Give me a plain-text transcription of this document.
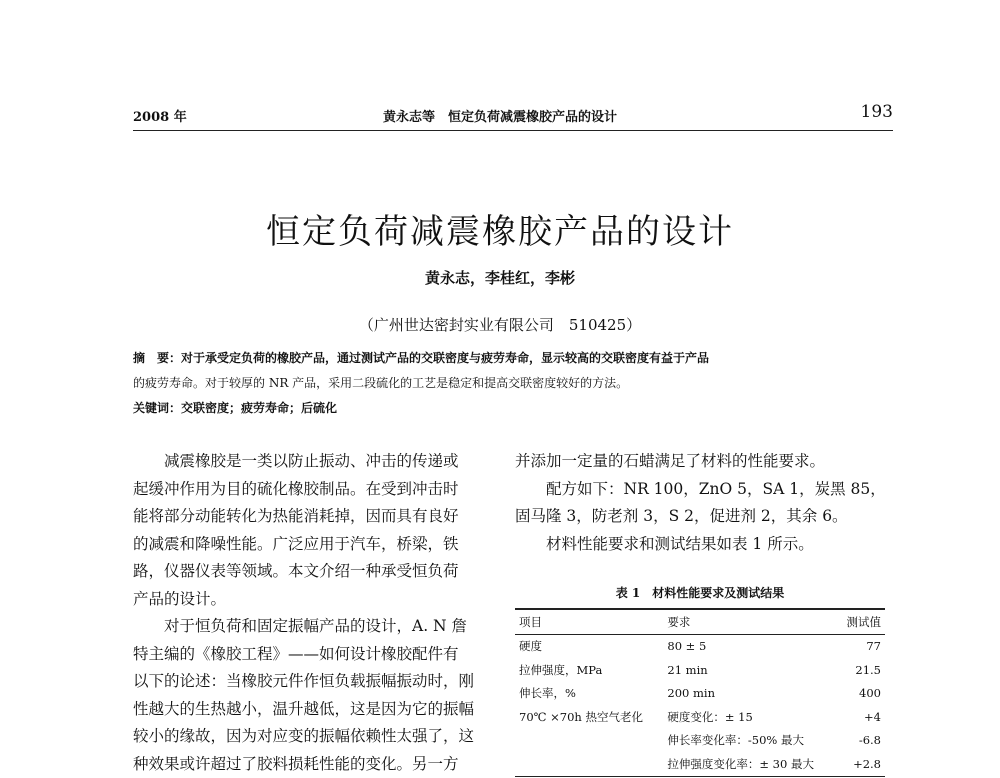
2008 年	黄永志等　恒定负荷减震橡胶产品的设计	193
恒定负荷减震橡胶产品的设计
黄永志，李桂红，李彬
（广州世达密封实业有限公司　510425）
摘　要：对于承受定负荷的橡胶产品，通过测试产品的交联密度与疲劳寿命，显示较高的交联密度有益于产品
的疲劳寿命。对于较厚的 NR 产品，采用二段硫化的工艺是稳定和提高交联密度较好的方法。
关键词：交联密度；疲劳寿命；后硫化

减震橡胶是一类以防止振动、冲击的传递或

起缓冲作用为目的硫化橡胶制品。在受到冲击时

能将部分动能转化为热能消耗掉，因而具有良好

的减震和降噪性能。广泛应用于汽车，桥梁，铁

路，仪器仪表等领域。本文介绍一种承受恒负荷

产品的设计。

对于恒负荷和固定振幅产品的设计，A. N 詹

特主编的《橡胶工程》——如何设计橡胶配件有

以下的论述：当橡胶元件作恒负载振幅振动时，刚

性越大的生热越小，温升越低，这是因为它的振幅

较小的缘故，因为对应变的振幅依赖性太强了，这

种效果或许超过了胶料损耗性能的变化。另一方

并添加一定量的石蜡满足了材料的性能要求。

配方如下：NR 100，ZnO 5，SA 1，炭黑 85，

固马隆 3，防老剂 3，S 2，促进剂 2，其余 6。

材料性能要求和测试结果如表 1 所示。

表 1　材料性能要求及测试结果
项目	要求	测试值
硬度	80 ± 5	77
拉伸强度，MPa	21 min	21.5
伸长率，%	200 min	400
70℃ ×70h 热空气老化	硬度变化：± 15	+4
	伸长率变化率：-50% 最大	-6.8
	拉伸强度变化率：± 30 最大	+2.8
